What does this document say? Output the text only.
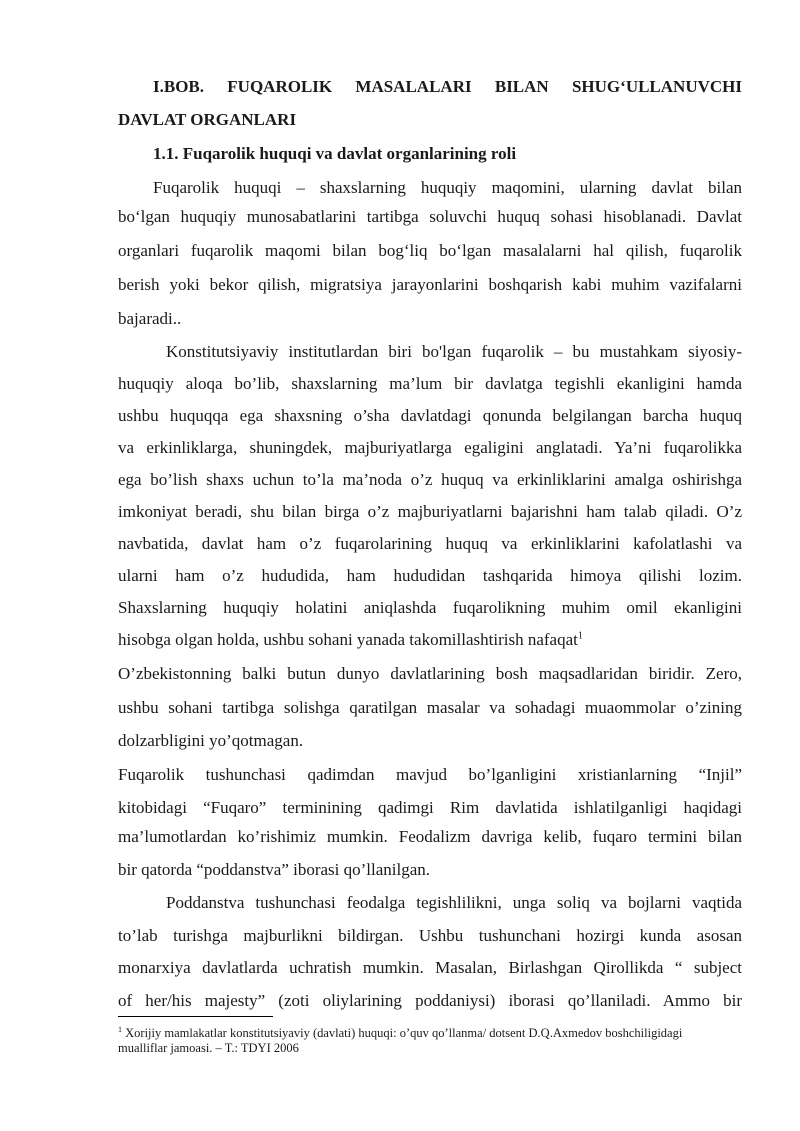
I.BOB. FUQAROLIK MASALALARI BILAN SHUG‘ULLANUVCHI
DAVLAT ORGANLARI
1.1. Fuqarolik huquqi va davlat organlarining roli
Fuqarolik huquqi – shaxslarning huquqiy maqomini, ularning davlat bilan
bo‘lgan huquqiy munosabatlarini tartibga soluvchi huquq sohasi hisoblanadi. Davlat
organlari fuqarolik maqomi bilan bog‘liq bo‘lgan masalalarni hal qilish, fuqarolik
berish yoki bekor qilish, migratsiya jarayonlarini boshqarish kabi muhim vazifalarni
bajaradi..
Konstitutsiyaviy institutlardan biri bo'lgan fuqarolik – bu mustahkam siyosiy-
huquqiy aloqa bo’lib, shaxslarning ma’lum bir davlatga tegishli ekanligini hamda
ushbu huquqqa ega shaxsning o’sha davlatdagi qonunda belgilangan barcha huquq
va erkinliklarga, shuningdek, majburiyatlarga egaligini anglatadi. Ya’ni fuqarolikka
ega bo’lish shaxs uchun to’la ma’noda o’z huquq va erkinliklarini amalga oshirishga
imkoniyat beradi, shu bilan birga o’z majburiyatlarni bajarishni ham talab qiladi. O’z
navbatida, davlat ham o’z fuqarolarining huquq va erkinliklarini kafolatlashi va
ularni ham o’z hududida, ham hududidan tashqarida himoya qilishi lozim.
Shaxslarning huquqiy holatini aniqlashda fuqarolikning muhim omil ekanligini
hisobga olgan holda, ushbu sohani yanada takomillashtirish nafaqat$^1$
O’zbekistonning balki butun dunyo davlatlarining bosh maqsadlaridan biridir. Zero,
ushbu sohani tartibga solishga qaratilgan masalar va sohadagi muaommolar o’zining
dolzarbligini yo’qotmagan.
Fuqarolik tushunchasi qadimdan mavjud bo’lganligini xristianlarning “Injil”
kitobidagi “Fuqaro” terminining qadimgi Rim davlatida ishlatilganligi haqidagi
ma’lumotlardan ko’rishimiz mumkin. Feodalizm davriga kelib, fuqaro termini bilan
bir qatorda “poddanstva” iborasi qo’llanilgan.
Poddanstva tushunchasi feodalga tegishlilikni, unga soliq va bojlarni vaqtida
to’lab turishga majburlikni bildirgan. Ushbu tushunchani hozirgi kunda asosan
monarxiya davlatlarda uchratish mumkin. Masalan, Birlashgan Qirollikda “ subject
of her/his majesty” (zoti oliylarining poddaniysi) iborasi qo’llaniladi. Ammo bir
$^1$ Xorijiy mamlakatlar konstitutsiyaviy (davlati) huquqi: o’quv qo’llanma/ dotsent D.Q.Axmedov boshchiligidagi
mualliflar jamoasi. – T.: TDYI 2006
